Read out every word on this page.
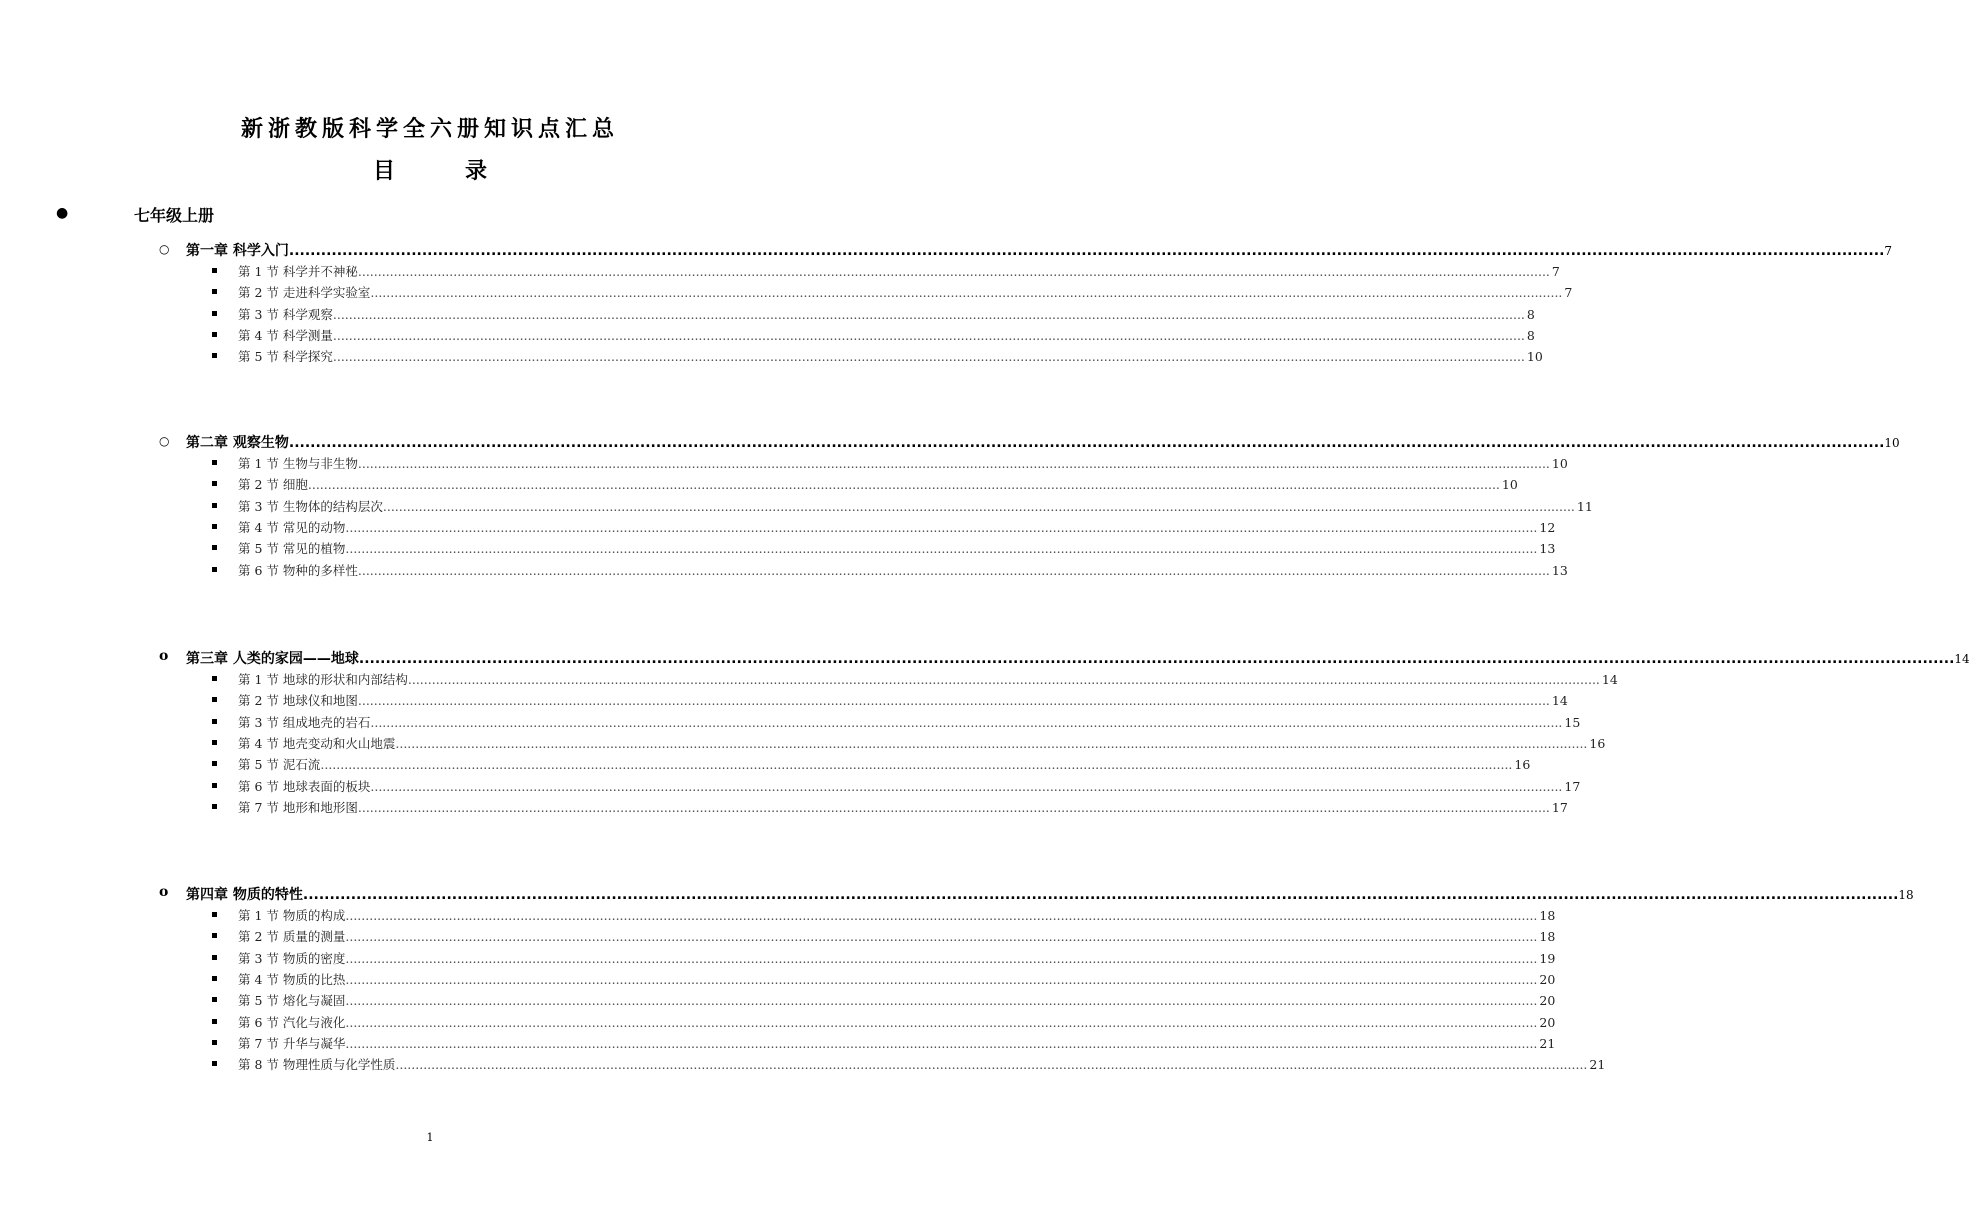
新浙教版科学全六册知识点汇总
目	录
●	七年级上册
○ 第一章 科学入门 ............................................................................................................................................................................................................................................................................................................ 7
第 1 节 科学并不神秘 ............................................................................................................................................................................................................................................................................................................ 7
第 2 节 走进科学实验室 ............................................................................................................................................................................................................................................................................................................ 7
第 3 节 科学观察 ............................................................................................................................................................................................................................................................................................................ 8
第 4 节 科学测量 ............................................................................................................................................................................................................................................................................................................ 8
第 5 节 科学探究 ............................................................................................................................................................................................................................................................................................................ 10
○ 第二章 观察生物 ............................................................................................................................................................................................................................................................................................................ 10
第 1 节 生物与非生物 ............................................................................................................................................................................................................................................................................................................ 10
第 2 节 细胞 ............................................................................................................................................................................................................................................................................................................ 10
第 3 节 生物体的结构层次 ............................................................................................................................................................................................................................................................................................................ 11
第 4 节 常见的动物 ............................................................................................................................................................................................................................................................................................................ 12
第 5 节 常见的植物 ............................................................................................................................................................................................................................................................................................................ 13
第 6 节 物种的多样性 ............................................................................................................................................................................................................................................................................................................ 13
o 第三章 人类的家园——地球 ............................................................................................................................................................................................................................................................................................................ 14
第 1 节 地球的形状和内部结构 ............................................................................................................................................................................................................................................................................................................ 14
第 2 节 地球仪和地图 ............................................................................................................................................................................................................................................................................................................ 14
第 3 节 组成地壳的岩石 ............................................................................................................................................................................................................................................................................................................ 15
第 4 节 地壳变动和火山地震 ............................................................................................................................................................................................................................................................................................................ 16
第 5 节 泥石流 ............................................................................................................................................................................................................................................................................................................ 16
第 6 节 地球表面的板块 ............................................................................................................................................................................................................................................................................................................ 17
第 7 节 地形和地形图 ............................................................................................................................................................................................................................................................................................................ 17
o 第四章 物质的特性 ............................................................................................................................................................................................................................................................................................................ 18
第 1 节 物质的构成 ............................................................................................................................................................................................................................................................................................................ 18
第 2 节 质量的测量 ............................................................................................................................................................................................................................................................................................................ 18
第 3 节 物质的密度 ............................................................................................................................................................................................................................................................................................................ 19
第 4 节 物质的比热 ............................................................................................................................................................................................................................................................................................................ 20
第 5 节 熔化与凝固 ............................................................................................................................................................................................................................................................................................................ 20
第 6 节 汽化与液化 ............................................................................................................................................................................................................................................................................................................ 20
第 7 节 升华与凝华 ............................................................................................................................................................................................................................................................................................................ 21
第 8 节 物理性质与化学性质 ............................................................................................................................................................................................................................................................................................................ 21
1
